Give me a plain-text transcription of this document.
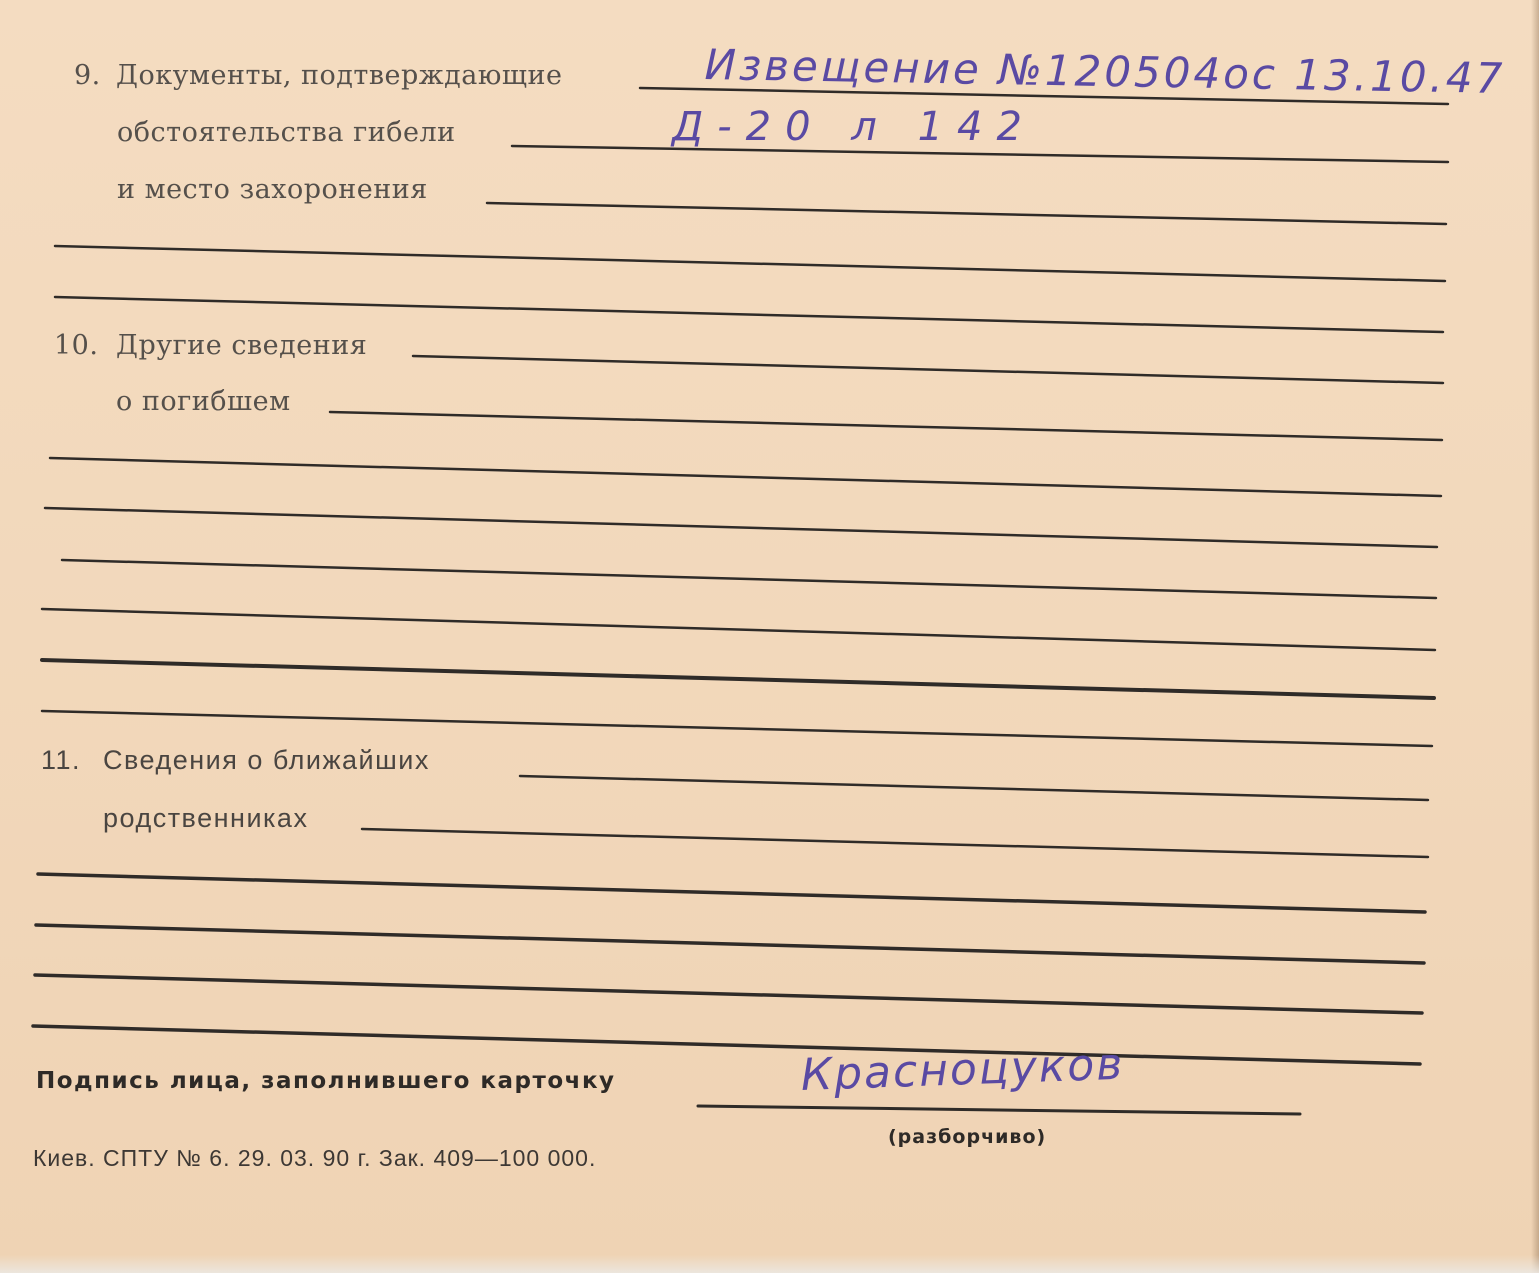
9. Документы, подтверждающие
обстоятельства гибели
и место захоронения
Извещение №120504ос 13.10.47
Д-20 л 142
10. Другие сведения
о погибшем
11. Сведения о ближайших
родственниках
Подпись лица, заполнившего карточку	Красноцуков
(разборчиво)
Киев. СПТУ № 6. 29. 03. 90 г. Зак. 409—100 000.
